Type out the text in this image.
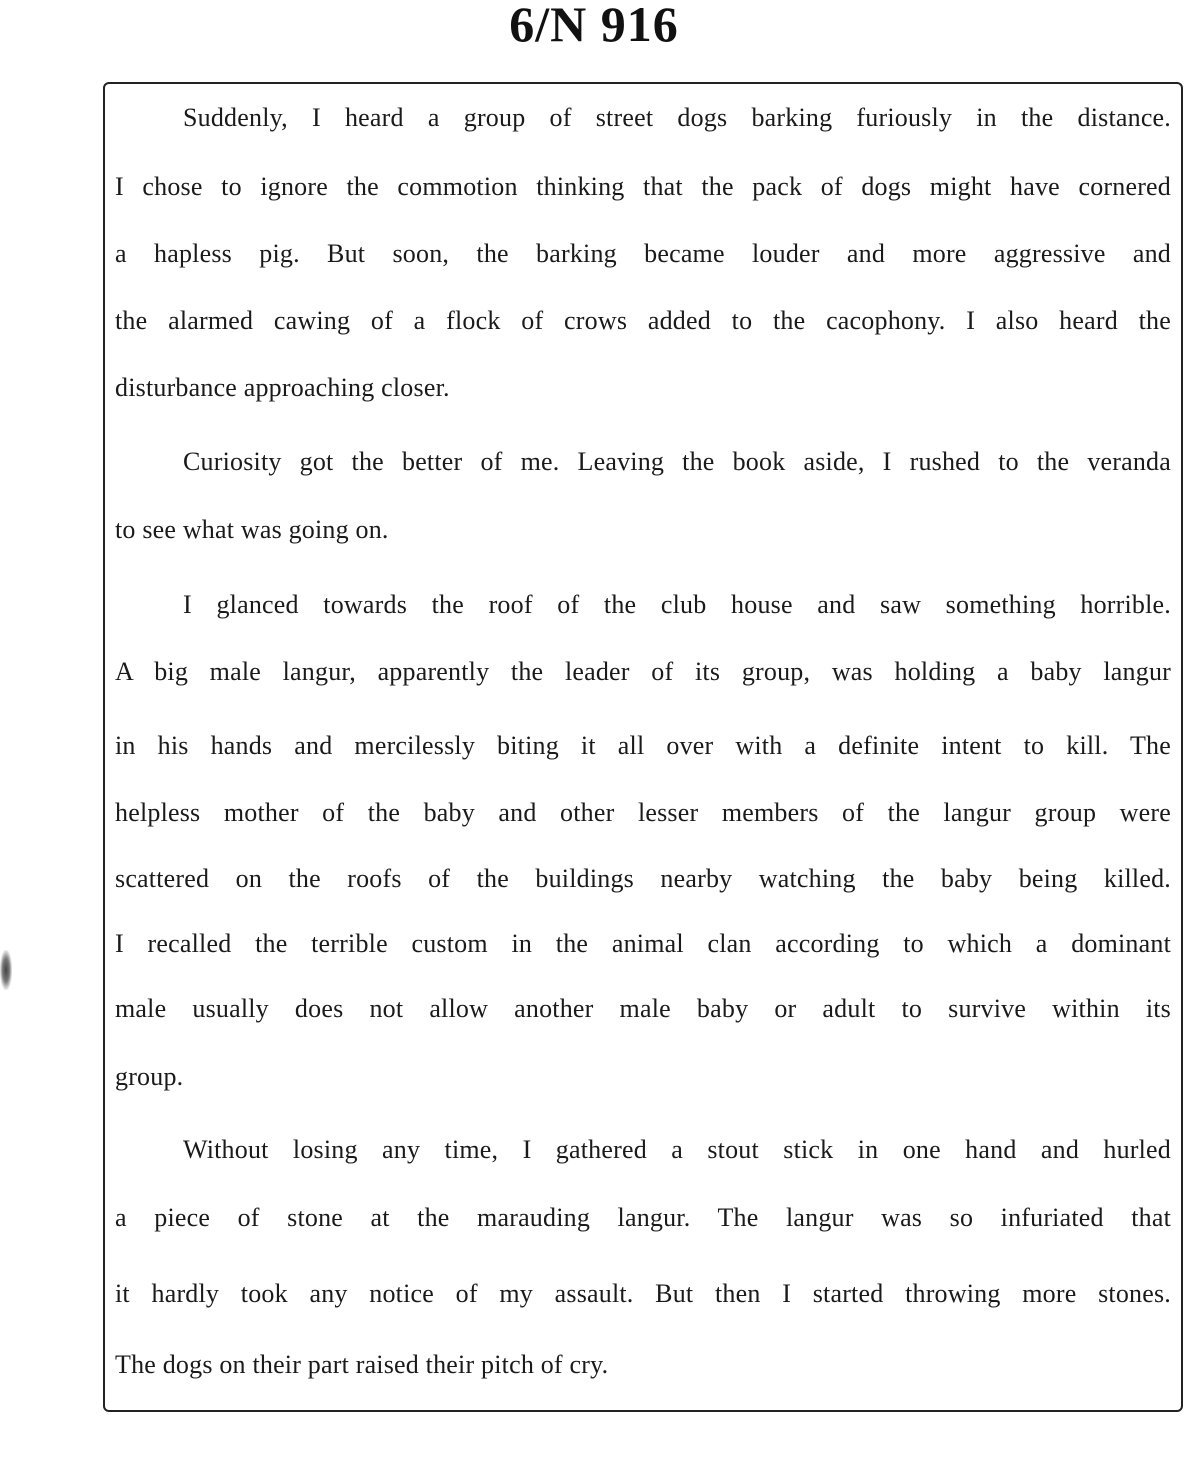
6/N 916
Suddenly, I heard a group of street dogs barking furiously in the distance.
I chose to ignore the commotion thinking that the pack of dogs might have cornered
a hapless pig. But soon, the barking became louder and more aggressive and
the alarmed cawing of a flock of crows added to the cacophony. I also heard the
disturbance approaching closer.
Curiosity got the better of me. Leaving the book aside, I rushed to the veranda
to see what was going on.
I glanced towards the roof of the club house and saw something horrible.
A big male langur, apparently the leader of its group, was holding a baby langur
in his hands and mercilessly biting it all over with a definite intent to kill. The
helpless mother of the baby and other lesser members of the langur group were
scattered on the roofs of the buildings nearby watching the baby being killed.
I recalled the terrible custom in the animal clan according to which a dominant
male usually does not allow another male baby or adult to survive within its
group.
Without losing any time, I gathered a stout stick in one hand and hurled
a piece of stone at the marauding langur. The langur was so infuriated that
it hardly took any notice of my assault. But then I started throwing more stones.
The dogs on their part raised their pitch of cry.
